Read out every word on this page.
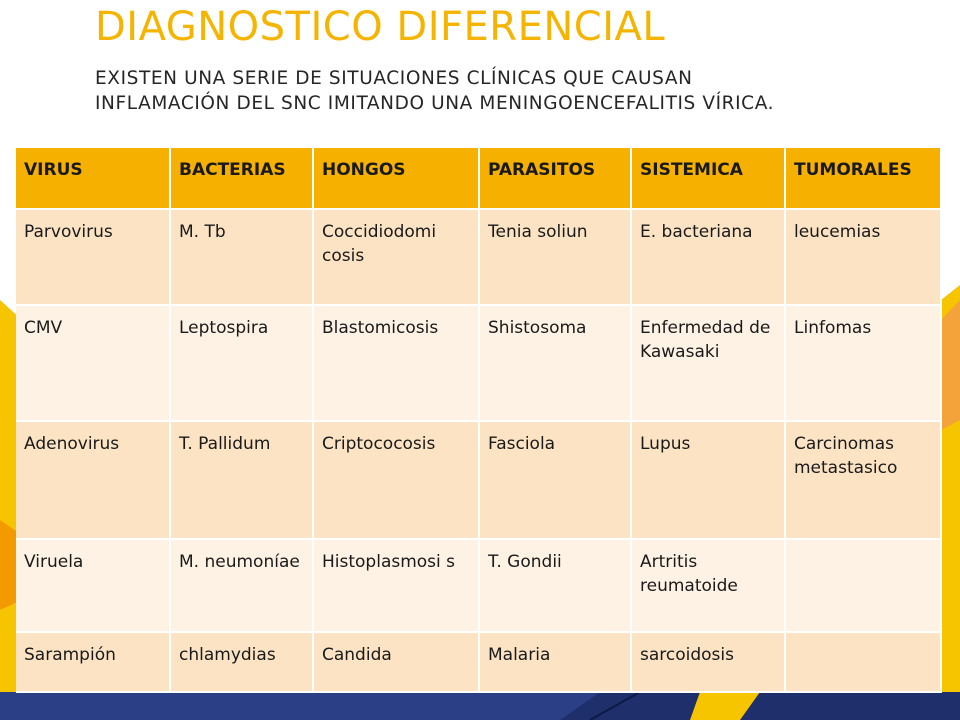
DIAGNOSTICO DIFERENCIAL

EXISTEN UNA SERIE DE SITUACIONES CLÍNICAS QUE CAUSAN INFLAMACIÓN DEL SNC IMITANDO UNA MENINGOENCEFALITIS VÍRICA.

VIRUS	BACTERIAS	HONGOS	PARASITOS	SISTEMICA	TUMORALES
Parvovirus	M. Tb	Coccidiodomi cosis	Tenia soliun	E. bacteriana	leucemias
CMV	Leptospira	Blastomicosis	Shistosoma	Enfermedad de Kawasaki	Linfomas
Adenovirus	T. Pallidum	Criptococosis	Fasciola	Lupus	Carcinomas metastasico
Viruela	M. neumoníae	Histoplasmosi s	T. Gondii	Artritis reumatoide	
Sarampión	chlamydias	Candida	Malaria	sarcoidosis	
